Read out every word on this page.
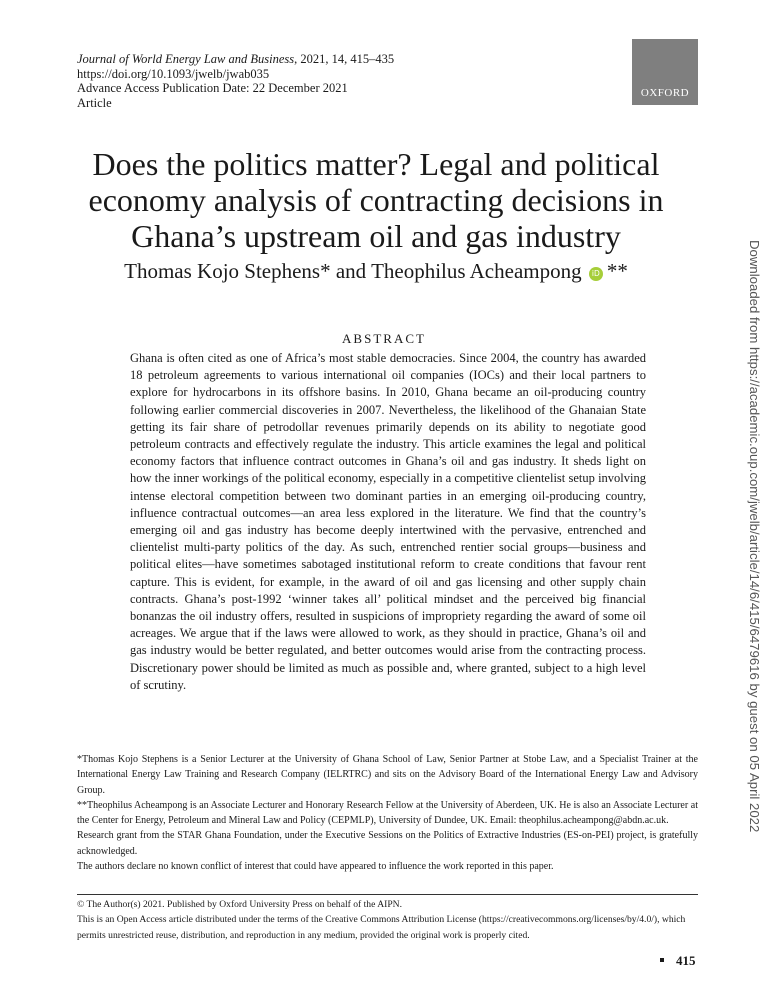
Journal of World Energy Law and Business, 2021, 14, 415–435
https://doi.org/10.1093/jwelb/jwab035
Advance Access Publication Date: 22 December 2021
Article
OXFORD
Does the politics matter? Legal and political economy analysis of contracting decisions in Ghana’s upstream oil and gas industry
Thomas Kojo Stephens* and Theophilus Acheampong iD **
ABSTRACT

Ghana is often cited as one of Africa’s most stable democracies. Since 2004, the country has awarded 18 petroleum agreements to various international oil companies (IOCs) and their local partners to explore for hydrocarbons in its offshore basins. In 2010, Ghana became an oil-producing country following earlier commercial discoveries in 2007. Nevertheless, the likelihood of the Ghanaian State getting its fair share of petrodollar revenues primarily depends on its ability to negotiate good petroleum contracts and effectively regulate the industry. This article examines the legal and political economy factors that influence contract outcomes in Ghana’s oil and gas industry. It sheds light on how the inner workings of the political economy, especially in a competitive clientelist setup involving intense electoral competition between two dominant parties in an emerging oil-producing country, influence contractual outcomes—an area less explored in the literature. We find that the country’s emerging oil and gas industry has become deeply intertwined with the pervasive, entrenched and clientelist multi-party politics of the day. As such, entrenched rentier social groups—business and political elites—have sometimes sabotaged institutional reform to create conditions that favour rent capture. This is evident, for example, in the award of oil and gas licensing and other supply chain contracts. Ghana’s post-1992 ‘winner takes all’ political mindset and the perceived big financial bonanzas the oil industry offers, resulted in suspicions of impropriety regarding the award of some oil acreages. We argue that if the laws were allowed to work, as they should in practice, Ghana’s oil and gas industry would be better regulated, and better outcomes would arise from the contracting process. Discretionary power should be limited as much as possible and, where granted, subject to a high level of scrutiny.	Downloaded from https://academic.oup.com/jwelb/article/14/6/415/6479616 by guest on 05 April 2022

*Thomas Kojo Stephens is a Senior Lecturer at the University of Ghana School of Law, Senior Partner at Stobe Law, and a Specialist Trainer at the International Energy Law Training and Research Company (IELRTRC) and sits on the Advisory Board of the International Energy Law and Advisory Group.

**Theophilus Acheampong is an Associate Lecturer and Honorary Research Fellow at the University of Aberdeen, UK. He is also an Associate Lecturer at the Center for Energy, Petroleum and Mineral Law and Policy (CEPMLP), University of Dundee, UK. Email: theophilus.acheampong@abdn.ac.uk.

Research grant from the STAR Ghana Foundation, under the Executive Sessions on the Politics of Extractive Industries (ES-on-PEI) project, is gratefully acknowledged.

The authors declare no known conflict of interest that could have appeared to influence the work reported in this paper.

© The Author(s) 2021. Published by Oxford University Press on behalf of the AIPN.

This is an Open Access article distributed under the terms of the Creative Commons Attribution License (https://creativecommons.org/licenses/by/4.0/), which permits unrestricted reuse, distribution, and reproduction in any medium, provided the original work is properly cited.

415
